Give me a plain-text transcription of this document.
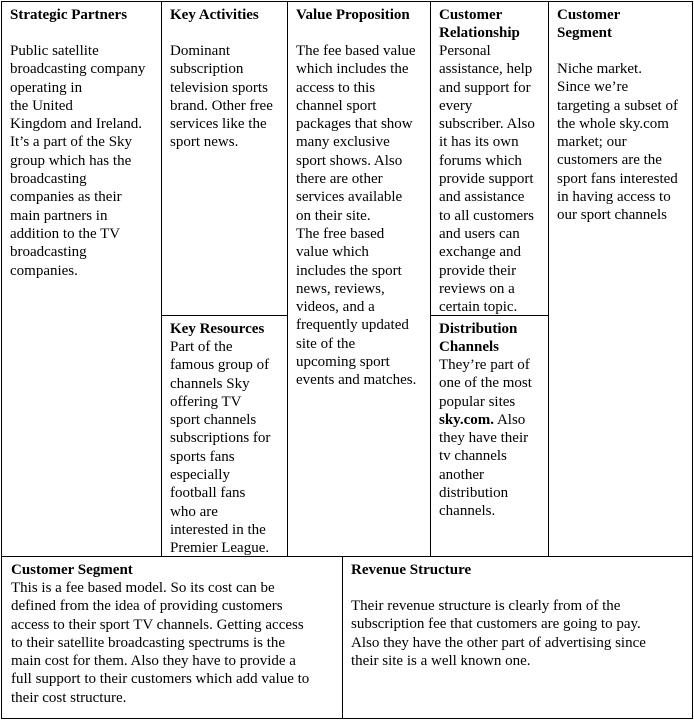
Strategic Partners

Public satellite
broadcasting company
operating in
the United
Kingdom and Ireland.
It’s a part of the Sky
group which has the
broadcasting
companies as their
main partners in
addition to the TV
broadcasting
companies.

Key Activities

Dominant
subscription
television sports
brand. Other free
services like the
sport news.

Key Resources

Part of the
famous group of
channels Sky
offering TV
sport channels
subscriptions for
sports fans
especially
football fans
who are
interested in the
Premier League.

Value Proposition

The fee based value
which includes the
access to this
channel sport
packages that show
many exclusive
sport shows. Also
there are other
services available
on their site.
The free based
value which
includes the sport
news, reviews,
videos, and a
frequently updated
site of the
upcoming sport
events and matches.
Customer
Relationship
Personal
assistance, help
and support for
every
subscriber. Also
it has its own
forums which
provide support
and assistance
to all customers
and users can
exchange and
provide their
reviews on a
certain topic.
Distribution
Channels
They’re part of
one of the most
popular sites
sky.com. Also
they have their
tv channels
another
distribution
channels.
Customer
Segment
Niche market.
Since we’re
targeting a subset of
the whole sky.com
market; our
customers are the
sport fans interested
in having access to
our sport channels

Customer Segment

This is a fee based model. So its cost can be
defined from the idea of providing customers
access to their sport TV channels. Getting access
to their satellite broadcasting spectrums is the
main cost for them. Also they have to provide a
full support to their customers which add value to
their cost structure.

Revenue Structure

Their revenue structure is clearly from of the
subscription fee that customers are going to pay.
Also they have the other part of advertising since
their site is a well known one.
